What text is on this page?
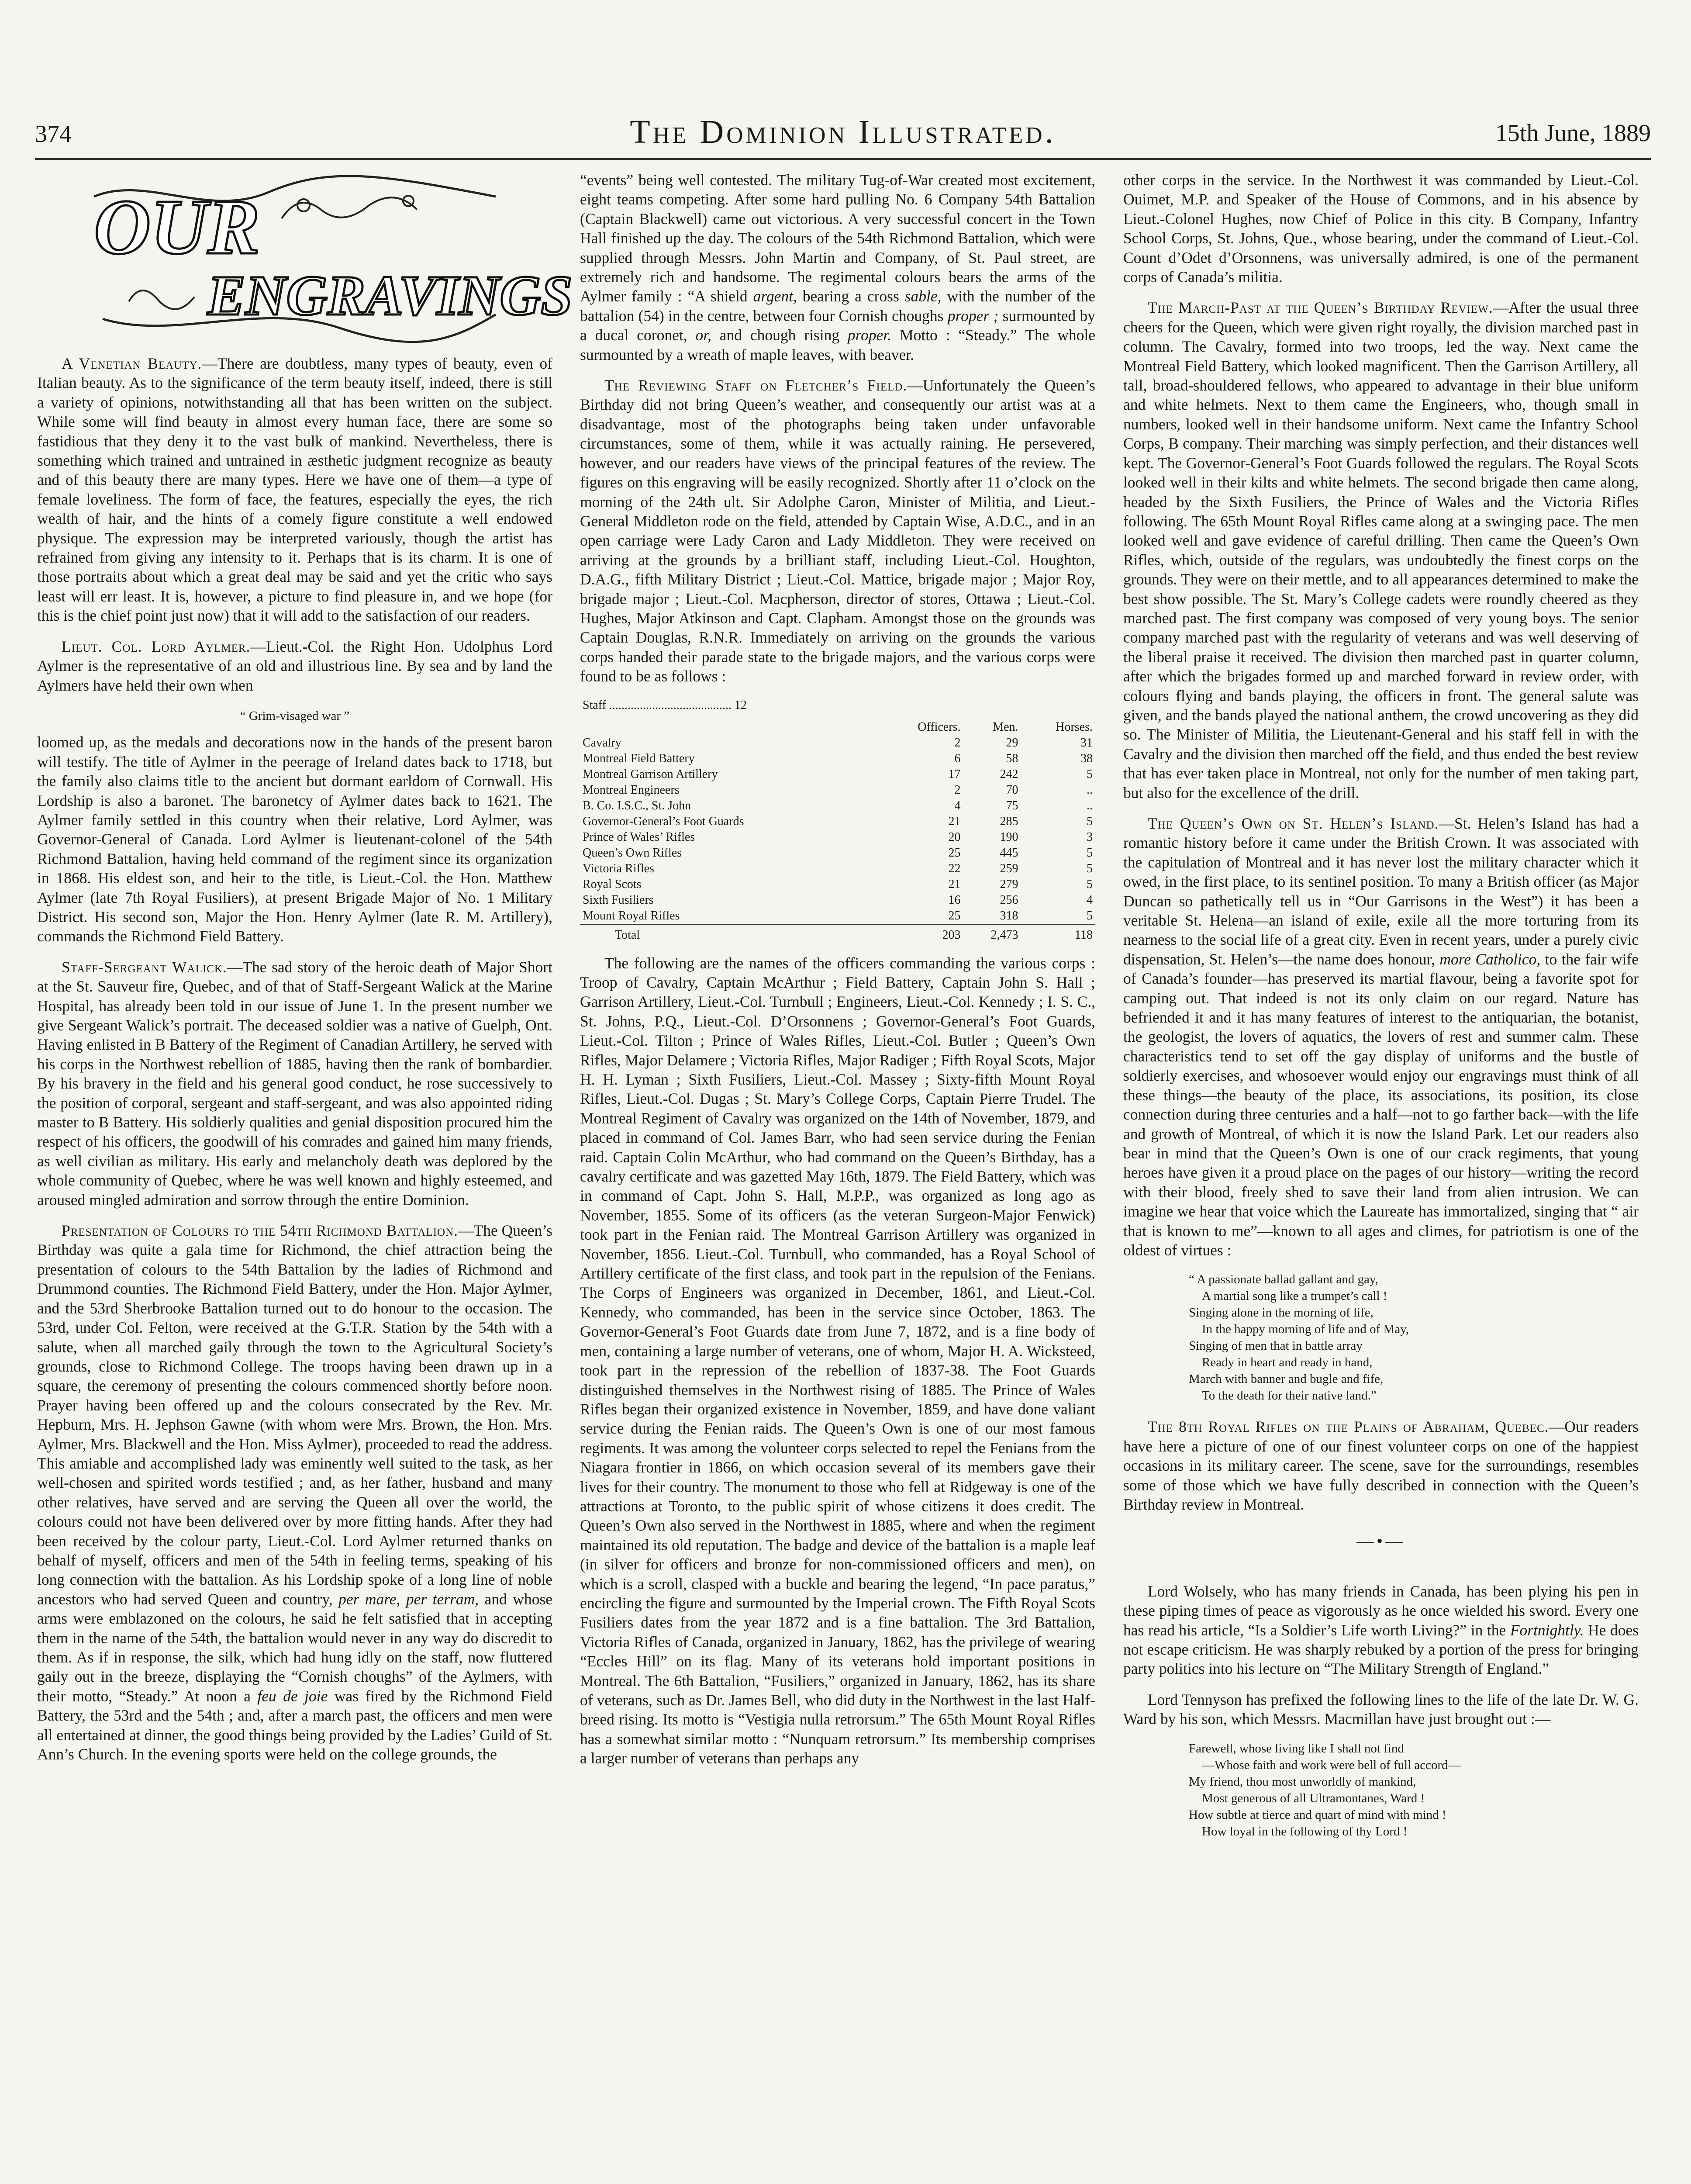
374	The Dominion Illustrated.	15th June, 1889
OUR
ENGRAVINGS

A Venetian Beauty.—There are doubtless, many types of beauty, even of Italian beauty. As to the significance of the term beauty itself, indeed, there is still a variety of opinions, notwithstanding all that has been written on the subject. While some will find beauty in almost every human face, there are some so fastidious that they deny it to the vast bulk of mankind. Nevertheless, there is something which trained and untrained in æsthetic judgment recognize as beauty and of this beauty there are many types. Here we have one of them—a type of female loveliness. The form of face, the features, especially the eyes, the rich wealth of hair, and the hints of a comely figure constitute a well endowed physique. The expression may be interpreted variously, though the artist has refrained from giving any intensity to it. Perhaps that is its charm. It is one of those portraits about which a great deal may be said and yet the critic who says least will err least. It is, however, a picture to find pleasure in, and we hope (for this is the chief point just now) that it will add to the satisfaction of our readers.

Lieut. Col. Lord Aylmer.—Lieut.-Col. the Right Hon. Udolphus Lord Aylmer is the representative of an old and illustrious line. By sea and by land the Aylmers have held their own when

“ Grim-visaged war ”

loomed up, as the medals and decorations now in the hands of the present baron will testify. The title of Aylmer in the peerage of Ireland dates back to 1718, but the family also claims title to the ancient but dormant earldom of Cornwall. His Lordship is also a baronet. The baronetcy of Aylmer dates back to 1621. The Aylmer family settled in this country when their relative, Lord Aylmer, was Governor-General of Canada. Lord Aylmer is lieutenant-colonel of the 54th Richmond Battalion, having held command of the regiment since its organization in 1868. His eldest son, and heir to the title, is Lieut.-Col. the Hon. Matthew Aylmer (late 7th Royal Fusiliers), at present Brigade Major of No. 1 Military District. His second son, Major the Hon. Henry Aylmer (late R. M. Artillery), commands the Richmond Field Battery.

Staff-Sergeant Walick.—The sad story of the heroic death of Major Short at the St. Sauveur fire, Quebec, and of that of Staff-Sergeant Walick at the Marine Hospital, has already been told in our issue of June 1. In the present number we give Sergeant Walick’s portrait. The deceased soldier was a native of Guelph, Ont. Having enlisted in B Battery of the Regiment of Canadian Artillery, he served with his corps in the Northwest rebellion of 1885, having then the rank of bombardier. By his bravery in the field and his general good conduct, he rose successively to the position of corporal, sergeant and staff-sergeant, and was also appointed riding master to B Battery. His soldierly qualities and genial disposition procured him the respect of his officers, the goodwill of his comrades and gained him many friends, as well civilian as military. His early and melancholy death was deplored by the whole community of Quebec, where he was well known and highly esteemed, and aroused mingled admiration and sorrow through the entire Dominion.

Presentation of Colours to the 54th Richmond Battalion.—The Queen’s Birthday was quite a gala time for Richmond, the chief attraction being the presentation of colours to the 54th Battalion by the ladies of Richmond and Drummond counties. The Richmond Field Battery, under the Hon. Major Aylmer, and the 53rd Sherbrooke Battalion turned out to do honour to the occasion. The 53rd, under Col. Felton, were received at the G.T.R. Station by the 54th with a salute, when all marched gaily through the town to the Agricultural Society’s grounds, close to Richmond College. The troops having been drawn up in a square, the ceremony of presenting the colours commenced shortly before noon. Prayer having been offered up and the colours consecrated by the Rev. Mr. Hepburn, Mrs. H. Jephson Gawne (with whom were Mrs. Brown, the Hon. Mrs. Aylmer, Mrs. Blackwell and the Hon. Miss Aylmer), proceeded to read the address. This amiable and accomplished lady was eminently well suited to the task, as her well-chosen and spirited words testified ; and, as her father, husband and many other relatives, have served and are serving the Queen all over the world, the colours could not have been delivered over by more fitting hands. After they had been received by the colour party, Lieut.-Col. Lord Aylmer returned thanks on behalf of myself, officers and men of the 54th in feeling terms, speaking of his long connection with the battalion. As his Lordship spoke of a long line of noble ancestors who had served Queen and country, per mare, per terram, and whose arms were emblazoned on the colours, he said he felt satisfied that in accepting them in the name of the 54th, the battalion would never in any way do discredit to them. As if in response, the silk, which had hung idly on the staff, now fluttered gaily out in the breeze, displaying the “Cornish choughs” of the Aylmers, with their motto, “Steady.” At noon a feu de joie was fired by the Richmond Field Battery, the 53rd and the 54th ; and, after a march past, the officers and men were all entertained at dinner, the good things being provided by the Ladies’ Guild of St. Ann’s Church. In the evening sports were held on the college grounds, the

“events” being well contested. The military Tug-of-War created most excitement, eight teams competing. After some hard pulling No. 6 Company 54th Battalion (Captain Blackwell) came out victorious. A very successful concert in the Town Hall finished up the day. The colours of the 54th Richmond Battalion, which were supplied through Messrs. John Martin and Company, of St. Paul street, are extremely rich and handsome. The regimental colours bears the arms of the Aylmer family : “A shield argent, bearing a cross sable, with the number of the battalion (54) in the centre, between four Cornish choughs proper ; surmounted by a ducal coronet, or, and chough rising proper. Motto : “Steady.” The whole surmounted by a wreath of maple leaves, with beaver.

The Reviewing Staff on Fletcher’s Field.—Unfortunately the Queen’s Birthday did not bring Queen’s weather, and consequently our artist was at a disadvantage, most of the photographs being taken under unfavorable circumstances, some of them, while it was actually raining. He persevered, however, and our readers have views of the principal features of the review. The figures on this engraving will be easily recognized. Shortly after 11 o’clock on the morning of the 24th ult. Sir Adolphe Caron, Minister of Militia, and Lieut.-General Middleton rode on the field, attended by Captain Wise, A.D.C., and in an open carriage were Lady Caron and Lady Middleton. They were received on arriving at the grounds by a brilliant staff, including Lieut.-Col. Houghton, D.A.G., fifth Military District ; Lieut.-Col. Mattice, brigade major ; Major Roy, brigade major ; Lieut.-Col. Macpherson, director of stores, Ottawa ; Lieut.-Col. Hughes, Major Atkinson and Capt. Clapham. Amongst those on the grounds was Captain Douglas, R.N.R. Immediately on arriving on the grounds the various corps handed their parade state to the brigade majors, and the various corps were found to be as follows :

Staff ........................................ 12			
	Officers.	Men.	Horses.
Cavalry	2	29	31
Montreal Field Battery	6	58	38
Montreal Garrison Artillery	17	242	5
Montreal Engineers	2	70	..
B. Co. I.S.C., St. John	4	75	..
Governor-General’s Foot Guards	21	285	5
Prince of Wales’ Rifles	20	190	3
Queen’s Own Rifles	25	445	5
Victoria Rifles	22	259	5
Royal Scots	21	279	5
Sixth Fusiliers	16	256	4
Mount Royal Rifles	25	318	5
Total	203	2,473	118

The following are the names of the officers commanding the various corps : Troop of Cavalry, Captain McArthur ; Field Battery, Captain John S. Hall ; Garrison Artillery, Lieut.-Col. Turnbull ; Engineers, Lieut.-Col. Kennedy ; I. S. C., St. Johns, P.Q., Lieut.-Col. D’Orsonnens ; Governor-General’s Foot Guards, Lieut.-Col. Tilton ; Prince of Wales Rifles, Lieut.-Col. Butler ; Queen’s Own Rifles, Major Delamere ; Victoria Rifles, Major Radiger ; Fifth Royal Scots, Major H. H. Lyman ; Sixth Fusiliers, Lieut.-Col. Massey ; Sixty-fifth Mount Royal Rifles, Lieut.-Col. Dugas ; St. Mary’s College Corps, Captain Pierre Trudel. The Montreal Regiment of Cavalry was organized on the 14th of November, 1879, and placed in command of Col. James Barr, who had seen service during the Fenian raid. Captain Colin McArthur, who had command on the Queen’s Birthday, has a cavalry certificate and was gazetted May 16th, 1879. The Field Battery, which was in command of Capt. John S. Hall, M.P.P., was organized as long ago as November, 1855. Some of its officers (as the veteran Surgeon-Major Fenwick) took part in the Fenian raid. The Montreal Garrison Artillery was organized in November, 1856. Lieut.-Col. Turnbull, who commanded, has a Royal School of Artillery certificate of the first class, and took part in the repulsion of the Fenians. The Corps of Engineers was organized in December, 1861, and Lieut.-Col. Kennedy, who commanded, has been in the service since October, 1863. The Governor-General’s Foot Guards date from June 7, 1872, and is a fine body of men, containing a large number of veterans, one of whom, Major H. A. Wicksteed, took part in the repression of the rebellion of 1837-38. The Foot Guards distinguished themselves in the Northwest rising of 1885. The Prince of Wales Rifles began their organized existence in November, 1859, and have done valiant service during the Fenian raids. The Queen’s Own is one of our most famous regiments. It was among the volunteer corps selected to repel the Fenians from the Niagara frontier in 1866, on which occasion several of its members gave their lives for their country. The monument to those who fell at Ridgeway is one of the attractions at Toronto, to the public spirit of whose citizens it does credit. The Queen’s Own also served in the Northwest in 1885, where and when the regiment maintained its old reputation. The badge and device of the battalion is a maple leaf (in silver for officers and bronze for non-commissioned officers and men), on which is a scroll, clasped with a buckle and bearing the legend, “In pace paratus,” encircling the figure and surmounted by the Imperial crown. The Fifth Royal Scots Fusiliers dates from the year 1872 and is a fine battalion. The 3rd Battalion, Victoria Rifles of Canada, organized in January, 1862, has the privilege of wearing “Eccles Hill” on its flag. Many of its veterans hold important positions in Montreal. The 6th Battalion, “Fusiliers,” organized in January, 1862, has its share of veterans, such as Dr. James Bell, who did duty in the Northwest in the last Half-breed rising. Its motto is “Vestigia nulla retrorsum.” The 65th Mount Royal Rifles has a somewhat similar motto : “Nunquam retrorsum.” Its membership comprises a larger number of veterans than perhaps any

other corps in the service. In the Northwest it was commanded by Lieut.-Col. Ouimet, M.P. and Speaker of the House of Commons, and in his absence by Lieut.-Colonel Hughes, now Chief of Police in this city. B Company, Infantry School Corps, St. Johns, Que., whose bearing, under the command of Lieut.-Col. Count d’Odet d’Orsonnens, was universally admired, is one of the permanent corps of Canada’s militia.

The March-Past at the Queen’s Birthday Review.—After the usual three cheers for the Queen, which were given right royally, the division marched past in column. The Cavalry, formed into two troops, led the way. Next came the Montreal Field Battery, which looked magnificent. Then the Garrison Artillery, all tall, broad-shouldered fellows, who appeared to advantage in their blue uniform and white helmets. Next to them came the Engineers, who, though small in numbers, looked well in their handsome uniform. Next came the Infantry School Corps, B company. Their marching was simply perfection, and their distances well kept. The Governor-General’s Foot Guards followed the regulars. The Royal Scots looked well in their kilts and white helmets. The second brigade then came along, headed by the Sixth Fusiliers, the Prince of Wales and the Victoria Rifles following. The 65th Mount Royal Rifles came along at a swinging pace. The men looked well and gave evidence of careful drilling. Then came the Queen’s Own Rifles, which, outside of the regulars, was undoubtedly the finest corps on the grounds. They were on their mettle, and to all appearances determined to make the best show possible. The St. Mary’s College cadets were roundly cheered as they marched past. The first company was composed of very young boys. The senior company marched past with the regularity of veterans and was well deserving of the liberal praise it received. The division then marched past in quarter column, after which the brigades formed up and marched forward in review order, with colours flying and bands playing, the officers in front. The general salute was given, and the bands played the national anthem, the crowd uncovering as they did so. The Minister of Militia, the Lieutenant-General and his staff fell in with the Cavalry and the division then marched off the field, and thus ended the best review that has ever taken place in Montreal, not only for the number of men taking part, but also for the excellence of the drill.

The Queen’s Own on St. Helen’s Island.—St. Helen’s Island has had a romantic history before it came under the British Crown. It was associated with the capitulation of Montreal and it has never lost the military character which it owed, in the first place, to its sentinel position. To many a British officer (as Major Duncan so pathetically tell us in “Our Garrisons in the West”) it has been a veritable St. Helena—an island of exile, exile all the more torturing from its nearness to the social life of a great city. Even in recent years, under a purely civic dispensation, St. Helen’s—the name does honour, more Catholico, to the fair wife of Canada’s founder—has preserved its martial flavour, being a favorite spot for camping out. That indeed is not its only claim on our regard. Nature has befriended it and it has many features of interest to the antiquarian, the botanist, the geologist, the lovers of aquatics, the lovers of rest and summer calm. These characteristics tend to set off the gay display of uniforms and the bustle of soldierly exercises, and whosoever would enjoy our engravings must think of all these things—the beauty of the place, its associations, its position, its close connection during three centuries and a half—not to go farther back—with the life and growth of Montreal, of which it is now the Island Park. Let our readers also bear in mind that the Queen’s Own is one of our crack regiments, that young heroes have given it a proud place on the pages of our history—writing the record with their blood, freely shed to save their land from alien intrusion. We can imagine we hear that voice which the Laureate has immortalized, singing that “ air that is known to me”—known to all ages and climes, for patriotism is one of the oldest of virtues :

“ A passionate ballad gallant and gay,
A martial song like a trumpet’s call !
Singing alone in the morning of life,
In the happy morning of life and of May,
Singing of men that in battle array
Ready in heart and ready in hand,
March with banner and bugle and fife,
To the death for their native land.”

The 8th Royal Rifles on the Plains of Abraham, Quebec.—Our readers have here a picture of one of our finest volunteer corps on one of the happiest occasions in its military career. The scene, save for the surroundings, resembles some of those which we have fully described in connection with the Queen’s Birthday review in Montreal.

—•—

Lord Wolsely, who has many friends in Canada, has been plying his pen in these piping times of peace as vigorously as he once wielded his sword. Every one has read his article, “Is a Soldier’s Life worth Living?” in the Fortnightly. He does not escape criticism. He was sharply rebuked by a portion of the press for bringing party politics into his lecture on “The Military Strength of England.”

Lord Tennyson has prefixed the following lines to the life of the late Dr. W. G. Ward by his son, which Messrs. Macmillan have just brought out :—

Farewell, whose living like I shall not find
—Whose faith and work were bell of full accord—
My friend, thou most unworldly of mankind,
Most generous of all Ultramontanes, Ward !
How subtle at tierce and quart of mind with mind !
How loyal in the following of thy Lord !
